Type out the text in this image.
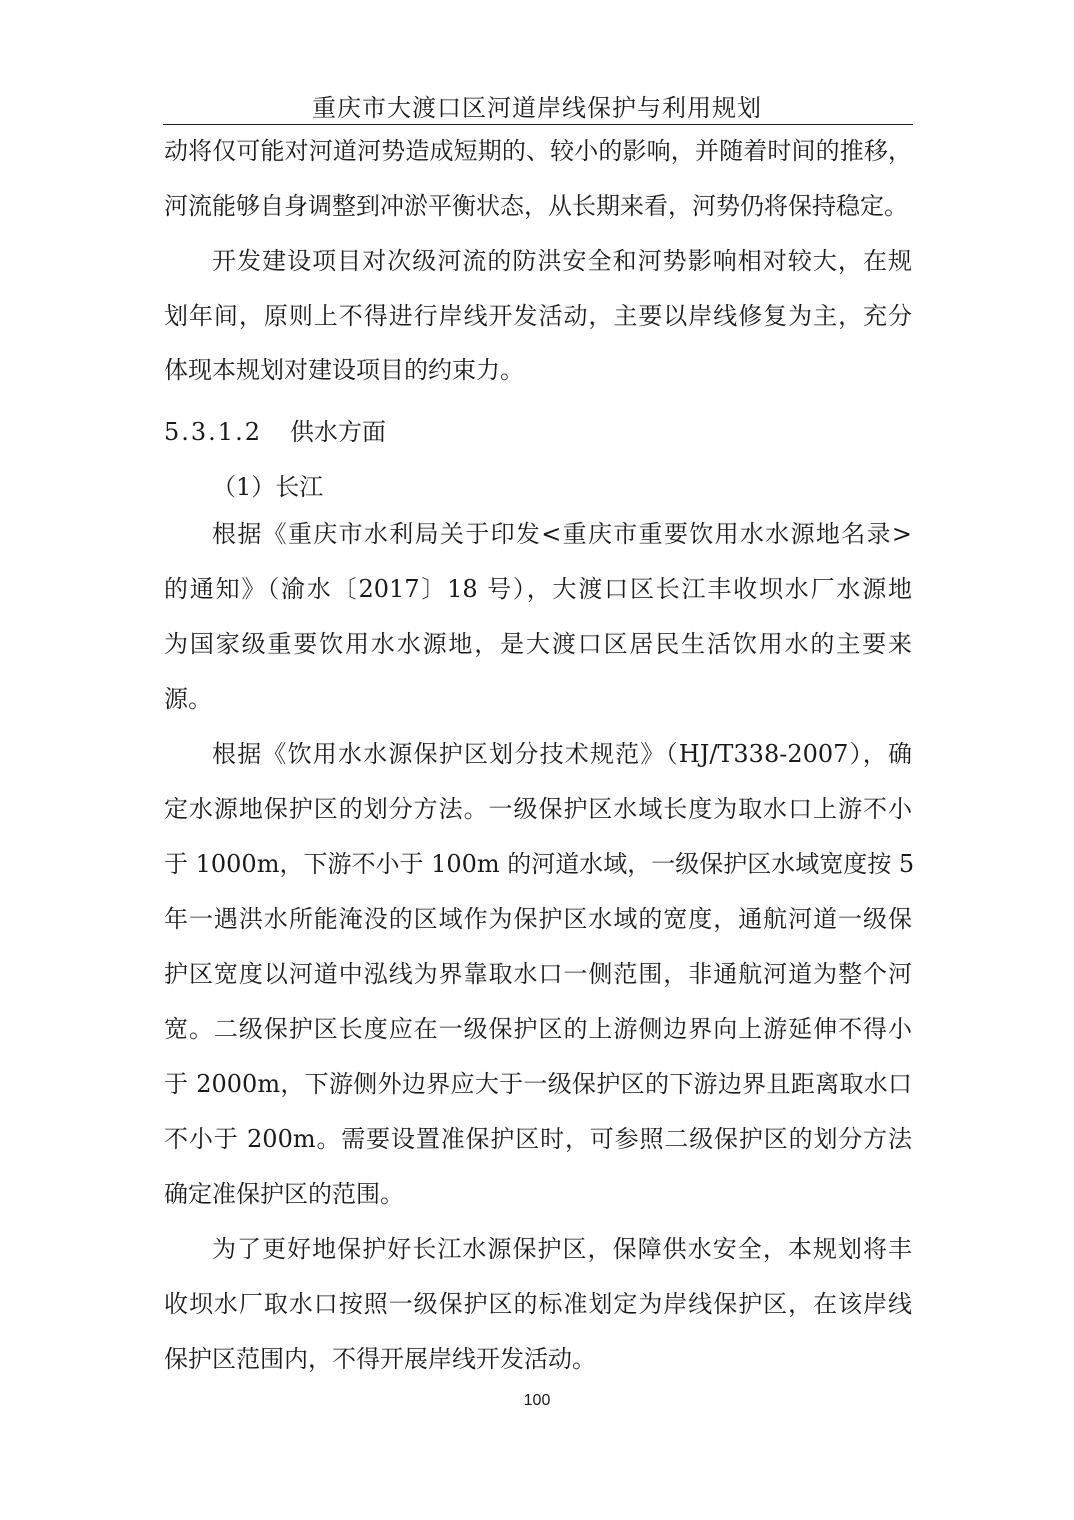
重庆市大渡口区河道岸线保护与利用规划
动将仅可能对河道河势造成短期的、较小的影响，并随着时间的推移，
河流能够自身调整到冲淤平衡状态，从长期来看，河势仍将保持稳定。
开发建设项目对次级河流的防洪安全和河势影响相对较大，在规
划年间，原则上不得进行岸线开发活动，主要以岸线修复为主，充分
体现本规划对建设项目的约束力。
5.3.1.2 供水方面
（1）长江
根据《重庆市水利局关于印发<重庆市重要饮用水水源地名录>
的通知》（渝水〔2017〕18 号），大渡口区长江丰收坝水厂水源地
为国家级重要饮用水水源地，是大渡口区居民生活饮用水的主要来
源。
根据《饮用水水源保护区划分技术规范》（HJ/T338-2007），确
定水源地保护区的划分方法。一级保护区水域长度为取水口上游不小
于 1000m，下游不小于 100m 的河道水域，一级保护区水域宽度按 5
年一遇洪水所能淹没的区域作为保护区水域的宽度，通航河道一级保
护区宽度以河道中泓线为界靠取水口一侧范围，非通航河道为整个河
宽。二级保护区长度应在一级保护区的上游侧边界向上游延伸不得小
于 2000m，下游侧外边界应大于一级保护区的下游边界且距离取水口
不小于 200m。需要设置准保护区时，可参照二级保护区的划分方法
确定准保护区的范围。
为了更好地保护好长江水源保护区，保障供水安全，本规划将丰
收坝水厂取水口按照一级保护区的标准划定为岸线保护区，在该岸线
保护区范围内，不得开展岸线开发活动。
100
